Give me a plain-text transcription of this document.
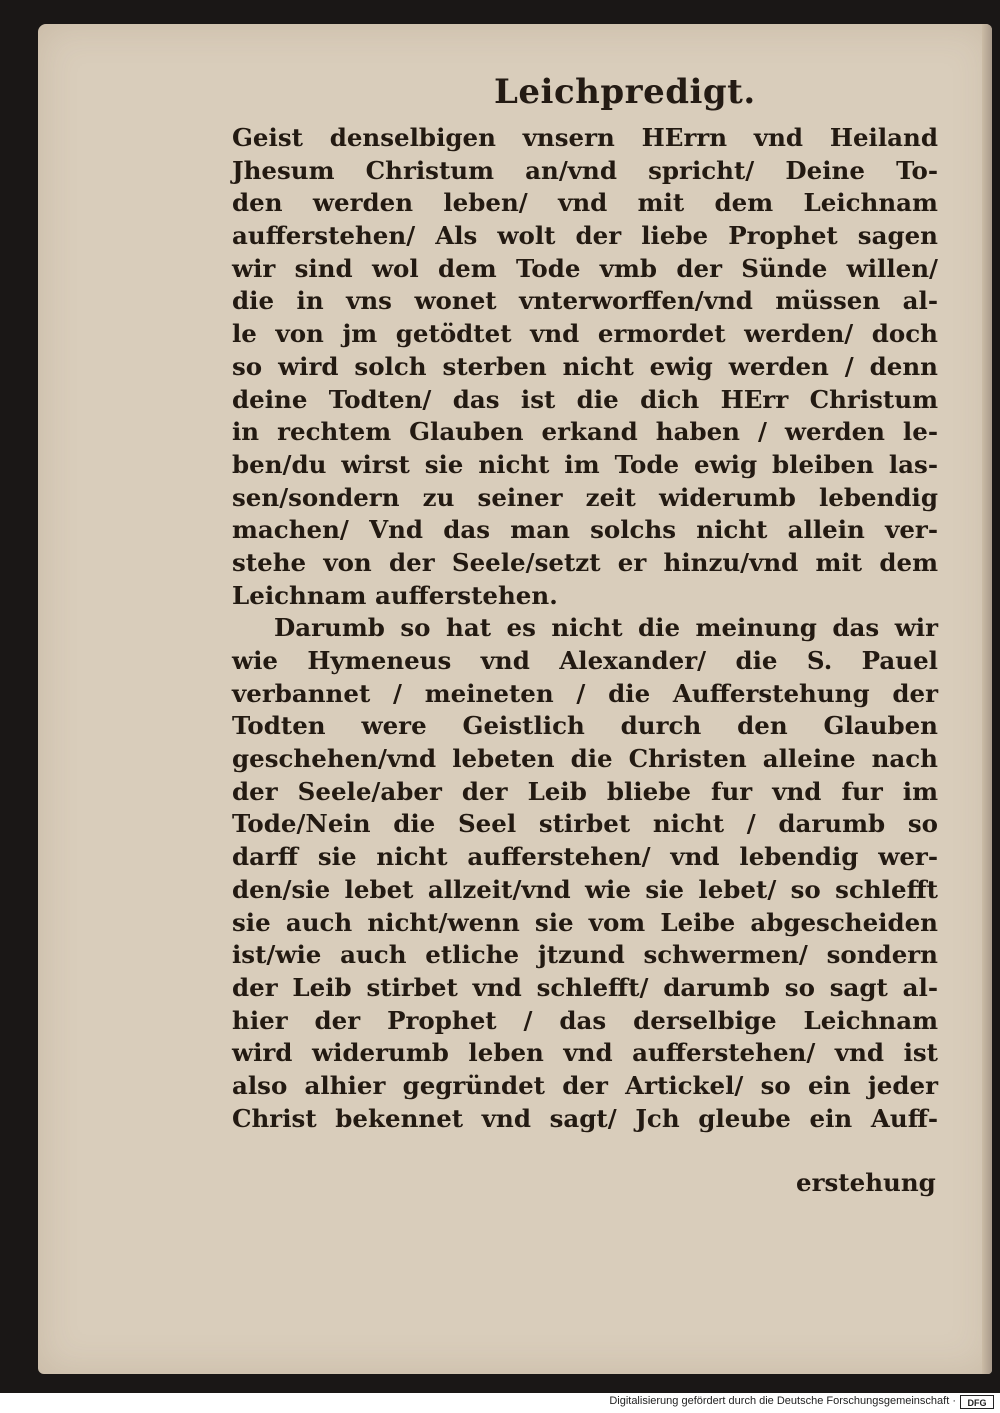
Leichpredigt.
Geist denselbigen vnsern HErrn vnd Heiland
Jhesum Christum an/vnd spricht/ Deine To-
den werden leben/ vnd mit dem Leichnam
aufferstehen/ Als wolt der liebe Prophet sagen
wir sind wol dem Tode vmb der Sünde willen/
die in vns wonet vnterworffen/vnd müssen al-
le von jm getödtet vnd ermordet werden/ doch
so wird solch sterben nicht ewig werden / denn
deine Todten/ das ist die dich HErr Christum
in rechtem Glauben erkand haben / werden le-
ben/du wirst sie nicht im Tode ewig bleiben las-
sen/sondern zu seiner zeit widerumb lebendig
machen/ Vnd das man solchs nicht allein ver-
stehe von der Seele/setzt er hinzu/vnd mit dem
Leichnam aufferstehen.
Darumb so hat es nicht die meinung das wir
wie Hymeneus vnd Alexander/ die S. Pauel
verbannet / meineten / die Aufferstehung der
Todten were Geistlich durch den Glauben
geschehen/vnd lebeten die Christen alleine nach
der Seele/aber der Leib bliebe fur vnd fur im
Tode/Nein die Seel stirbet nicht / darumb so
darff sie nicht aufferstehen/ vnd lebendig wer-
den/sie lebet allzeit/vnd wie sie lebet/ so schlefft
sie auch nicht/wenn sie vom Leibe abgescheiden
ist/wie auch etliche jtzund schwermen/ sondern
der Leib stirbet vnd schlefft/ darumb so sagt al-
hier der Prophet / das derselbige Leichnam
wird widerumb leben vnd aufferstehen/ vnd ist
also alhier gegründet der Artickel/ so ein jeder
Christ bekennet vnd sagt/ Jch gleube ein Auff-

erstehung

Digitalisierung gefördert durch die Deutsche Forschungsgemeinschaft ·	DFG
